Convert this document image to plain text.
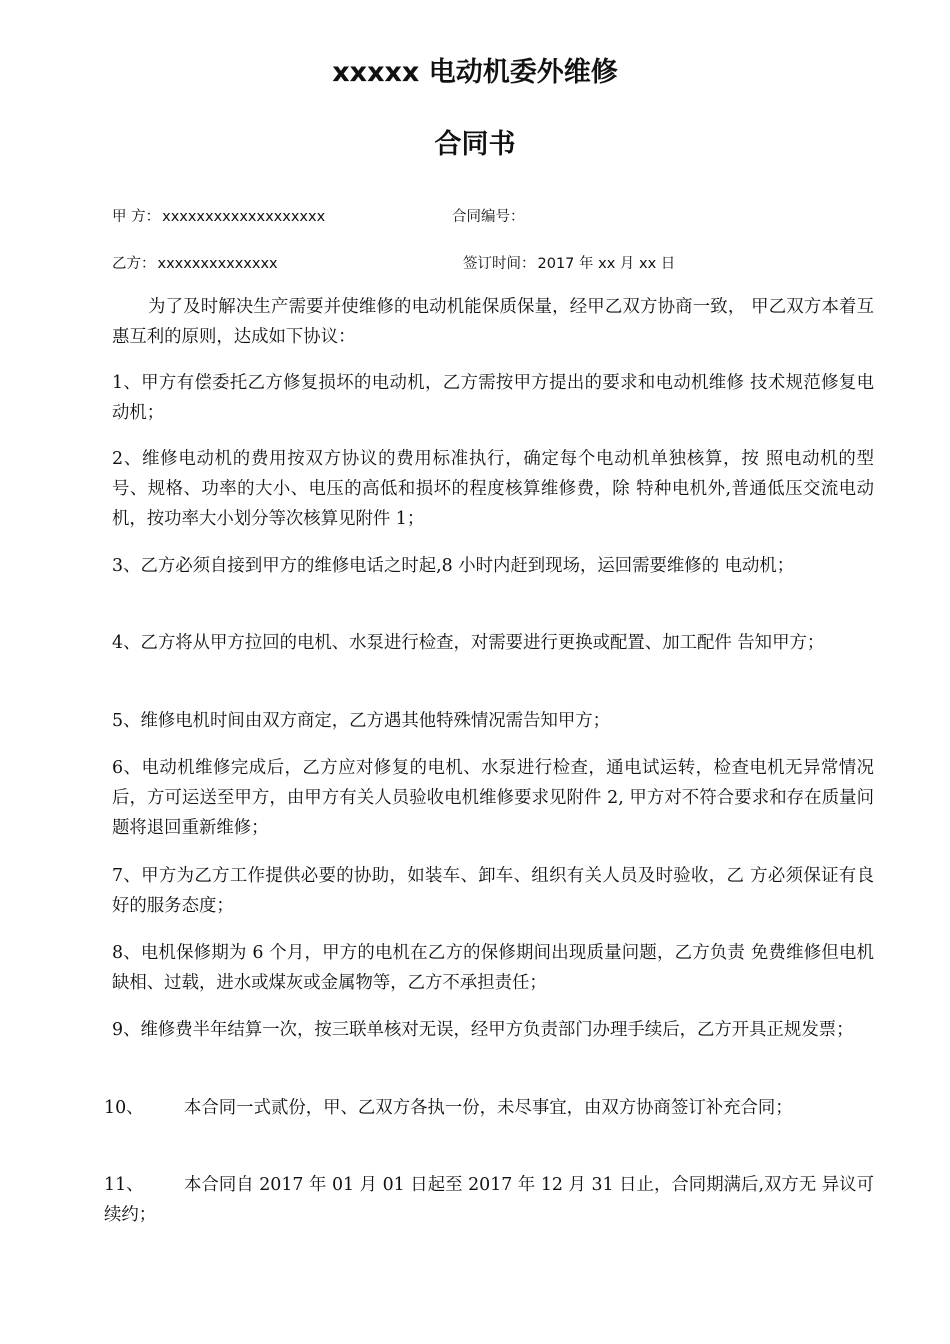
xxxxx 电动机委外维修
合同书
甲 方： xxxxxxxxxxxxxxxxxxx	合同编号：
乙方： xxxxxxxxxxxxxx	签订时间： 2017 年 xx 月 xx 日

为了及时解决生产需要并使维修的电动机能保质保量，经甲乙双方协商一致， 甲乙双方本着互惠互利的原则，达成如下协议：

1、甲方有偿委托乙方修复损坏的电动机，乙方需按甲方提出的要求和电动机维修 技术规范修复电动机；

2、维修电动机的费用按双方协议的费用标准执行，确定每个电动机单独核算，按 照电动机的型号、规格、功率的大小、电压的高低和损坏的程度核算维修费，除 特种电机外,普通低压交流电动机，按功率大小划分等次核算见附件 1；

3、乙方必须自接到甲方的维修电话之时起,8 小时内赶到现场，运回需要维修的 电动机；

4、乙方将从甲方拉回的电机、水泵进行检查，对需要进行更换或配置、加工配件 告知甲方；

5、维修电机时间由双方商定，乙方遇其他特殊情况需告知甲方；

6、电动机维修完成后，乙方应对修复的电机、水泵进行检查，通电试运转，检查电机无异常情况后，方可运送至甲方，由甲方有关人员验收电机维修要求见附件 2, 甲方对不符合要求和存在质量问题将退回重新维修；

7、甲方为乙方工作提供必要的协助，如装车、卸车、组织有关人员及时验收，乙 方必须保证有良好的服务态度；

8、电机保修期为 6 个月，甲方的电机在乙方的保修期间出现质量问题，乙方负责 免费维修但电机缺相、过载，进水或煤灰或金属物等，乙方不承担责任；

9、维修费半年结算一次，按三联单核对无误，经甲方负责部门办理手续后，乙方开具正规发票；

10、 本合同一式贰份，甲、乙双方各执一份，未尽事宜，由双方协商签订补充合同；

11、 本合同自 2017 年 01 月 01 日起至 2017 年 12 月 31 日止，合同期满后,双方无 异议可续约；
